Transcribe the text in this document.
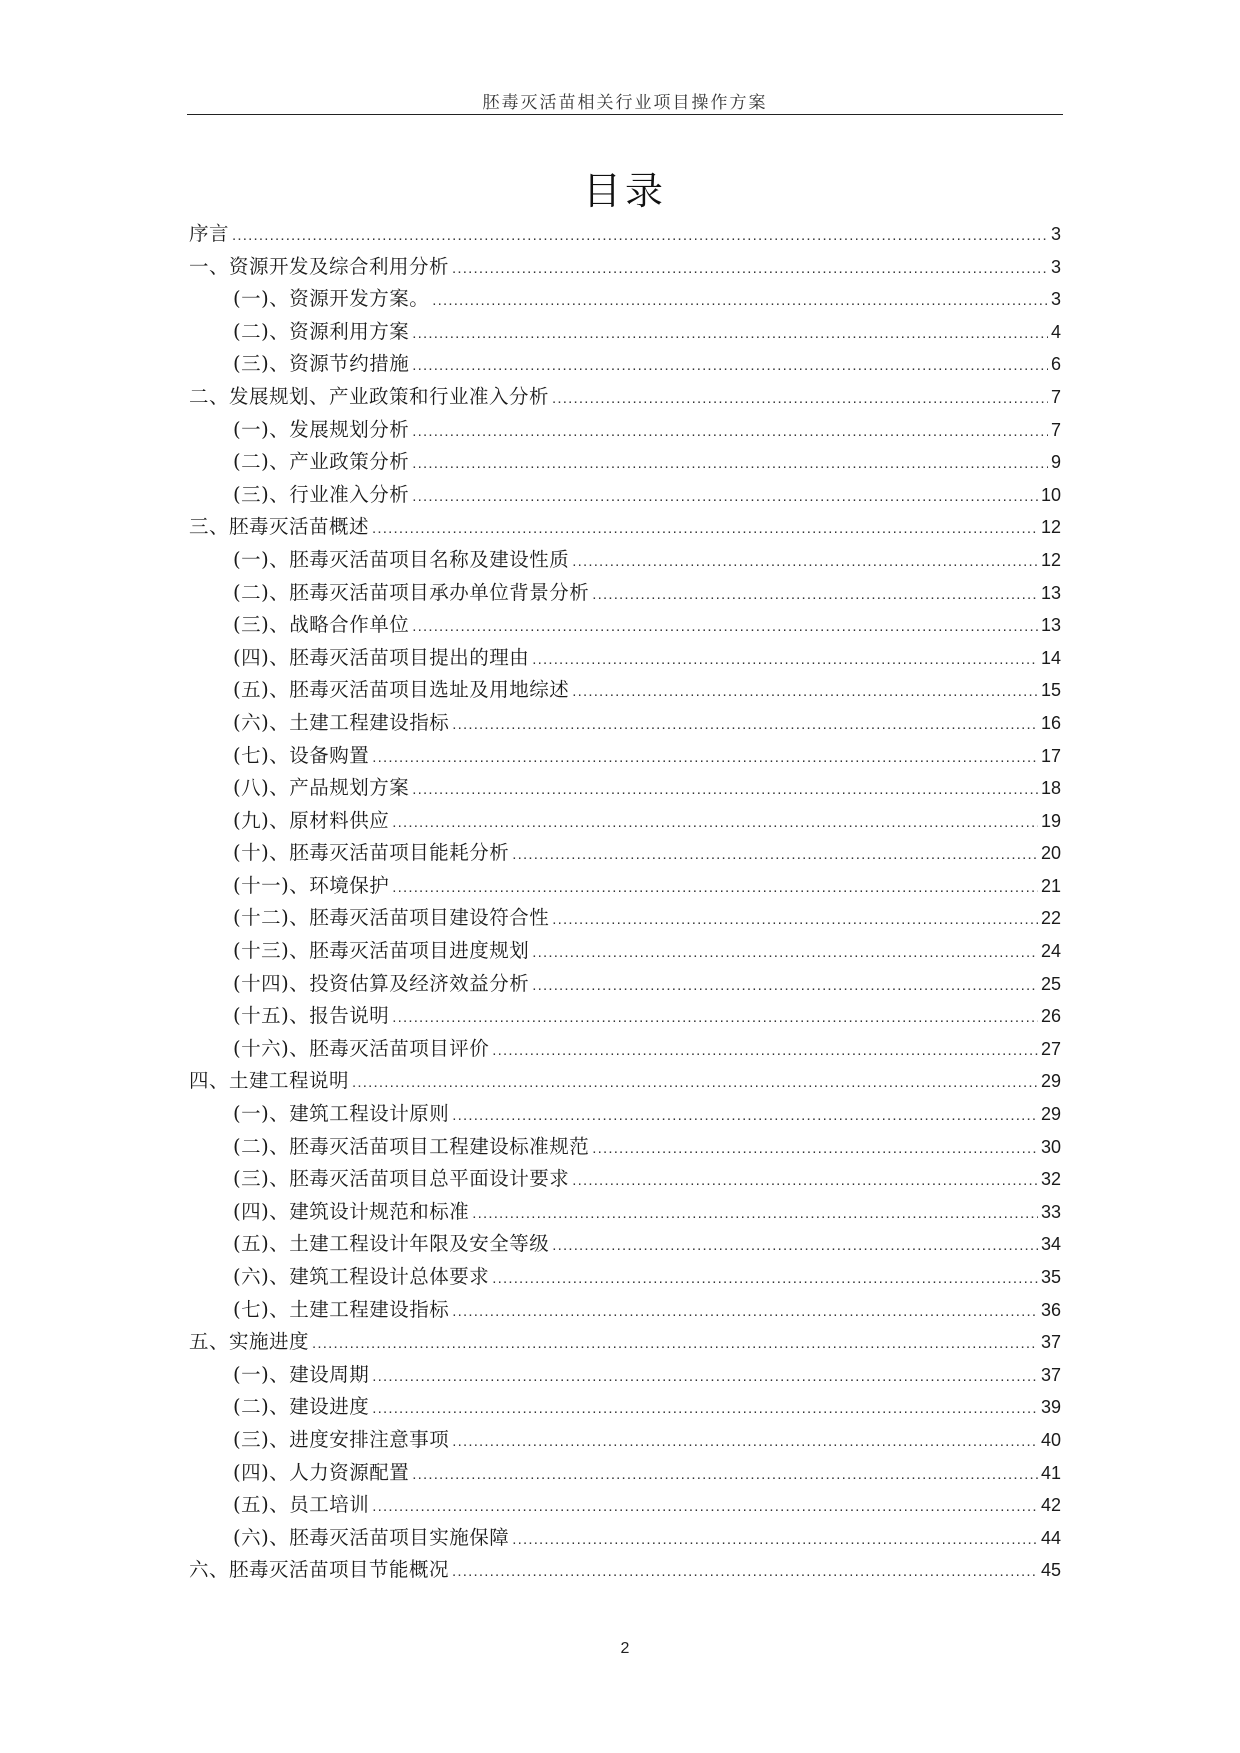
胚毒灭活苗相关行业项目操作方案
目录
序言 .....	3
一、资源开发及综合利用分析 .....	3
(一)、资源开发方案。 .....	3
(二)、资源利用方案 .....	4
(三)、资源节约措施 .....	6
二、发展规划、产业政策和行业准入分析 .....	7
(一)、发展规划分析 .....	7
(二)、产业政策分析 .....	9
(三)、行业准入分析 .....	10
三、胚毒灭活苗概述 .....	12
(一)、胚毒灭活苗项目名称及建设性质 .....	12
(二)、胚毒灭活苗项目承办单位背景分析 .....	13
(三)、战略合作单位 .....	13
(四)、胚毒灭活苗项目提出的理由 .....	14
(五)、胚毒灭活苗项目选址及用地综述 .....	15
(六)、土建工程建设指标 .....	16
(七)、设备购置 .....	17
(八)、产品规划方案 .....	18
(九)、原材料供应 .....	19
(十)、胚毒灭活苗项目能耗分析 .....	20
(十一)、环境保护 .....	21
(十二)、胚毒灭活苗项目建设符合性 .....	22
(十三)、胚毒灭活苗项目进度规划 .....	24
(十四)、投资估算及经济效益分析 .....	25
(十五)、报告说明 .....	26
(十六)、胚毒灭活苗项目评价 .....	27
四、土建工程说明 .....	29
(一)、建筑工程设计原则 .....	29
(二)、胚毒灭活苗项目工程建设标准规范 .....	30
(三)、胚毒灭活苗项目总平面设计要求 .....	32
(四)、建筑设计规范和标准 .....	33
(五)、土建工程设计年限及安全等级 .....	34
(六)、建筑工程设计总体要求 .....	35
(七)、土建工程建设指标 .....	36
五、实施进度 .....	37
(一)、建设周期 .....	37
(二)、建设进度 .....	39
(三)、进度安排注意事项 .....	40
(四)、人力资源配置 .....	41
(五)、员工培训 .....	42
(六)、胚毒灭活苗项目实施保障 .....	44
六、胚毒灭活苗项目节能概况 .....	45
2
